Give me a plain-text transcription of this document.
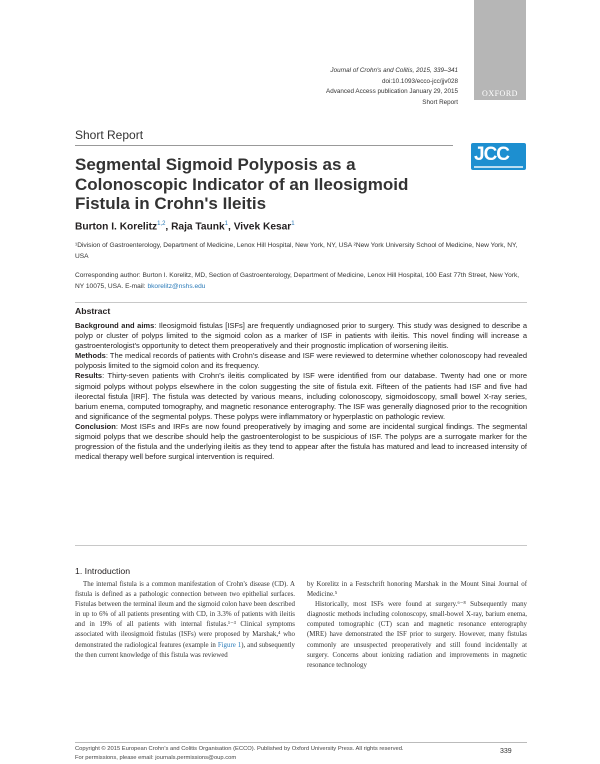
Journal of Crohn's and Colitis, 2015, 339–341
doi:10.1093/ecco-jcc/jjv028
Advanced Access publication January 29, 2015
Short Report
OXFORD
Short Report
JCC
Segmental Sigmoid Polyposis as a Colonoscopic Indicator of an Ileosigmoid Fistula in Crohn's Ileitis
Burton I. Korelitz$^{1,2}$, Raja Taunk$^1$, Vivek Kesar$^1$
¹Division of Gastroenterology, Department of Medicine, Lenox Hill Hospital, New York, NY, USA ²New York University School of Medicine, New York, NY, USA
Corresponding author: Burton I. Korelitz, MD, Section of Gastroenterology, Department of Medicine, Lenox Hill Hospital, 100 East 77th Street, New York, NY 10075, USA. E-mail: bkorelitz@nshs.edu
Abstract

Background and aims: Ileosigmoid fistulas [ISFs] are frequently undiagnosed prior to surgery. This study was designed to describe a polyp or cluster of polyps limited to the sigmoid colon as a marker of ISF in patients with ileitis. This novel finding will increase a gastroenterologist's opportunity to detect them preoperatively and their prognostic implication of worsening ileitis.

Methods: The medical records of patients with Crohn's disease and ISF were reviewed to determine whether colonoscopy had revealed polyposis limited to the sigmoid colon and its frequency.

Results: Thirty-seven patients with Crohn's ileitis complicated by ISF were identified from our database. Twenty had one or more sigmoid polyps without polyps elsewhere in the colon suggesting the site of fistula exit. Fifteen of the patients had ISF and five had ileorectal fistula [IRF]. The fistula was detected by various means, including colonoscopy, sigmoidoscopy, small bowel X-ray series, barium enema, computed tomography, and magnetic resonance enterography. The ISF was generally diagnosed prior to the recognition and significance of the segmental polyps. These polyps were inflammatory or hyperplastic on pathologic review.

Conclusion: Most ISFs and IRFs are now found preoperatively by imaging and some are incidental surgical findings. The segmental sigmoid polyps that we describe should help the gastroenterologist to be suspicious of ISF. The polyps are a surrogate marker for the progression of the fistula and the underlying ileitis as they tend to appear after the fistula has matured and lead to increased intensity of medical therapy well before surgical intervention is required.

1. Introduction

The internal fistula is a common manifestation of Crohn's disease (CD). A fistula is defined as a pathologic connection between two epithelial surfaces. Fistulas between the terminal ileum and the sigmoid colon have been described in up to 6% of all patients presenting with CD, in 3.3% of patients with ileitis and in 19% of all patients with internal fistulas.¹⁻³ Clinical symptoms associated with ileosigmoid fistulas (ISFs) were proposed by Marshak,⁴ who demonstrated the radiological features (example in Figure 1), and subsequently the then current knowledge of this fistula was reviewed

by Korelitz in a Festschrift honoring Marshak in the Mount Sinai Journal of Medicine.⁵

Historically, most ISFs were found at surgery.⁶⁻⁸ Subsequently many diagnostic methods including colonoscopy, small-bowel X-ray, barium enema, computed tomographic (CT) scan and magnetic resonance enterography (MRE) have demonstrated the ISF prior to surgery. However, many fistulas commonly are unsuspected preoperatively and still found incidentally at surgery. Concerns about ionizing radiation and improvements in magnetic resonance technology

Copyright © 2015 European Crohn's and Colitis Organisation (ECCO). Published by Oxford University Press. All rights reserved.
For permissions, please email: journals.permissions@oup.com
339
